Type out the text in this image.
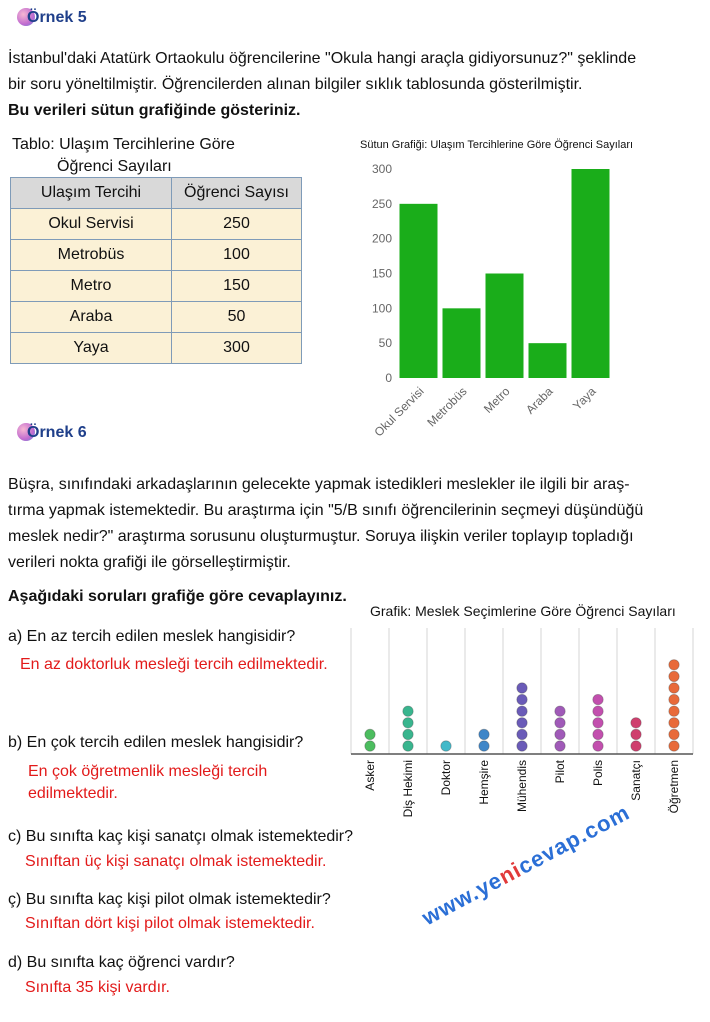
Örnek 5
İstanbul'daki Atatürk Ortaokulu öğrencilerine "Okula hangi araçla gidiyorsunuz?" şeklinde
bir soru yöneltilmiştir. Öğrencilerden alınan bilgiler sıklık tablosunda gösterilmiştir.
Bu verileri sütun grafiğinde gösteriniz.
Tablo: Ulaşım Tercihlerine Göre
Öğrenci Sayıları
Ulaşım Tercihi	Öğrenci Sayısı
Okul Servisi	250
Metrobüs	100
Metro	150
Araba	50
Yaya	300
Sütun Grafiği: Ulaşım Tercihlerine Göre Öğrenci Sayıları
0
50
100
150
200
250
300
Okul Servisi
Metrobüs Metro Araba Yaya
Örnek 6
Büşra, sınıfındaki arkadaşlarının gelecekte yapmak istedikleri meslekler ile ilgili bir araş-
tırma yapmak istemektedir. Bu araştırma için "5/B sınıfı öğrencilerinin seçmeyi düşündüğü
meslek nedir?" araştırma sorusunu oluşturmuştur. Soruya ilişkin veriler toplayıp topladığı
verileri nokta grafiği ile görselleştirmiştir.
Aşağıdaki soruları grafiğe göre cevaplayınız.
a) En az tercih edilen meslek hangisidir?
En az doktorluk mesleği tercih edilmektedir.
b) En çok tercih edilen meslek hangisidir?
En çok öğretmenlik mesleği tercih
edilmektedir.
c) Bu sınıfta kaç kişi sanatçı olmak istemektedir?
Sınıftan üç kişi sanatçı olmak istemektedir.
ç) Bu sınıfta kaç kişi pilot olmak istemektedir?
Sınıftan dört kişi pilot olmak istemektedir.
d) Bu sınıfta kaç öğrenci vardır?
Sınıfta 35 kişi vardır.
Grafik: Meslek Seçimlerine Göre Öğrenci Sayıları
Asker Diş Hekimi Doktor Hemşire Mühendis Pilot Polis Sanatçı Öğretmen
www.yenicevap.com
